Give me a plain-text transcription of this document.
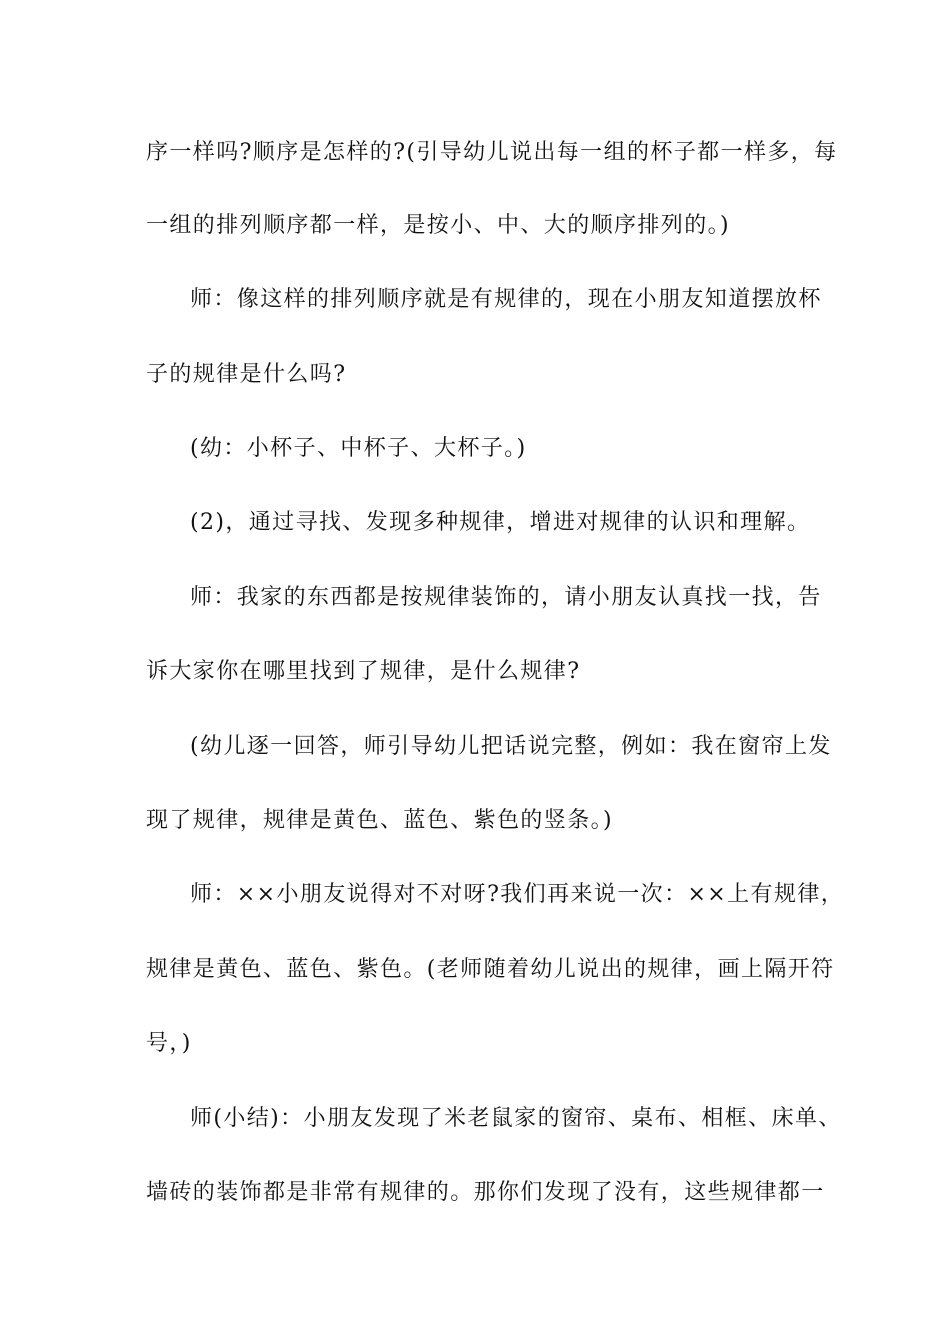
序一样吗?顺序是怎样的?(引导幼儿说出每一组的杯子都一样多，每
一组的排列顺序都一样，是按小、中、大的顺序排列的。)
师：像这样的排列顺序就是有规律的，现在小朋友知道摆放杯
子的规律是什么吗?
(幼：小杯子、中杯子、大杯子。)
(2)，通过寻找、发现多种规律，增进对规律的认识和理解。
师：我家的东西都是按规律装饰的，请小朋友认真找一找，告
诉大家你在哪里找到了规律，是什么规律?
(幼儿逐一回答，师引导幼儿把话说完整，例如：我在窗帘上发
现了规律，规律是黄色、蓝色、紫色的竖条。)
师：××小朋友说得对不对呀?我们再来说一次：××上有规律，
规律是黄色、蓝色、紫色。(老师随着幼儿说出的规律，画上隔开符
号，)
师(小结)：小朋友发现了米老鼠家的窗帘、桌布、相框、床单、
墙砖的装饰都是非常有规律的。那你们发现了没有，这些规律都一
